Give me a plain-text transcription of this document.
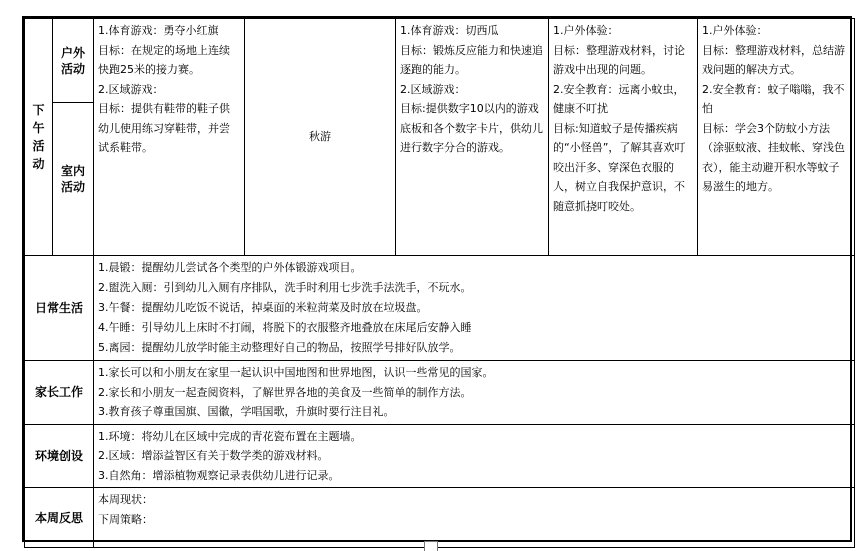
下午活动	户外活动	1.体育游戏：勇夺小红旗
目标：在规定的场地上连续快跑25米的接力赛。
2.区域游戏：
目标：提供有鞋带的鞋子供幼儿使用练习穿鞋带，并尝试系鞋带。	秋游	1.体育游戏：切西瓜
目标：锻炼反应能力和快速追逐跑的能力。
2.区域游戏：
目标:提供数字10以内的游戏底板和各个数字卡片，供幼儿进行数字分合的游戏。	1.户外体验：
目标：整理游戏材料，讨论游戏中出现的问题。
2.安全教育：远离小蚊虫，健康不叮扰
目标:知道蚊子是传播疾病的“小怪兽”，了解其喜欢叮咬出汗多、穿深色衣服的人，树立自我保护意识，不随意抓挠叮咬处。	1.户外体验：
目标：整理游戏材料，总结游戏问题的解决方式。
2.安全教育：蚊子嗡嗡，我不怕
目标：学会3个防蚊小方法（涂驱蚊液、挂蚊帐、穿浅色衣），能主动避开积水等蚊子易滋生的地方。

	室内活动					

日常生活		1.晨锻：提醒幼儿尝试各个类型的户外体锻游戏项目。
2.盥洗入厕：引到幼儿入厕有序排队，洗手时利用七步洗手法洗手，不玩水。
3.午餐：提醒幼儿吃饭不说话，掉桌面的米粒菏菜及时放在垃圾盘。
4.午睡：引导幼儿上床时不打闹，将脱下的衣服整齐地叠放在床尾后安静入睡
5.离园：提醒幼儿放学时能主动整理好自己的物品，按照学号排好队放学。				

家长工作		1.家长可以和小朋友在家里一起认识中国地图和世界地图，认识一些常见的国家。
2.家长和小朋友一起查阅资料，了解世界各地的美食及一些简单的制作方法。
3.教育孩子尊重国旗、国徽，学唱国歌，升旗时要行注目礼。				

环境创设		1.环境：将幼儿在区域中完成的青花瓷布置在主题墙。
2.区域：增添益智区有关于数学类的游戏材料。
3.自然角：增添植物观察记录表供幼儿进行记录。				

本周反思		本周现状：
下周策略：				
